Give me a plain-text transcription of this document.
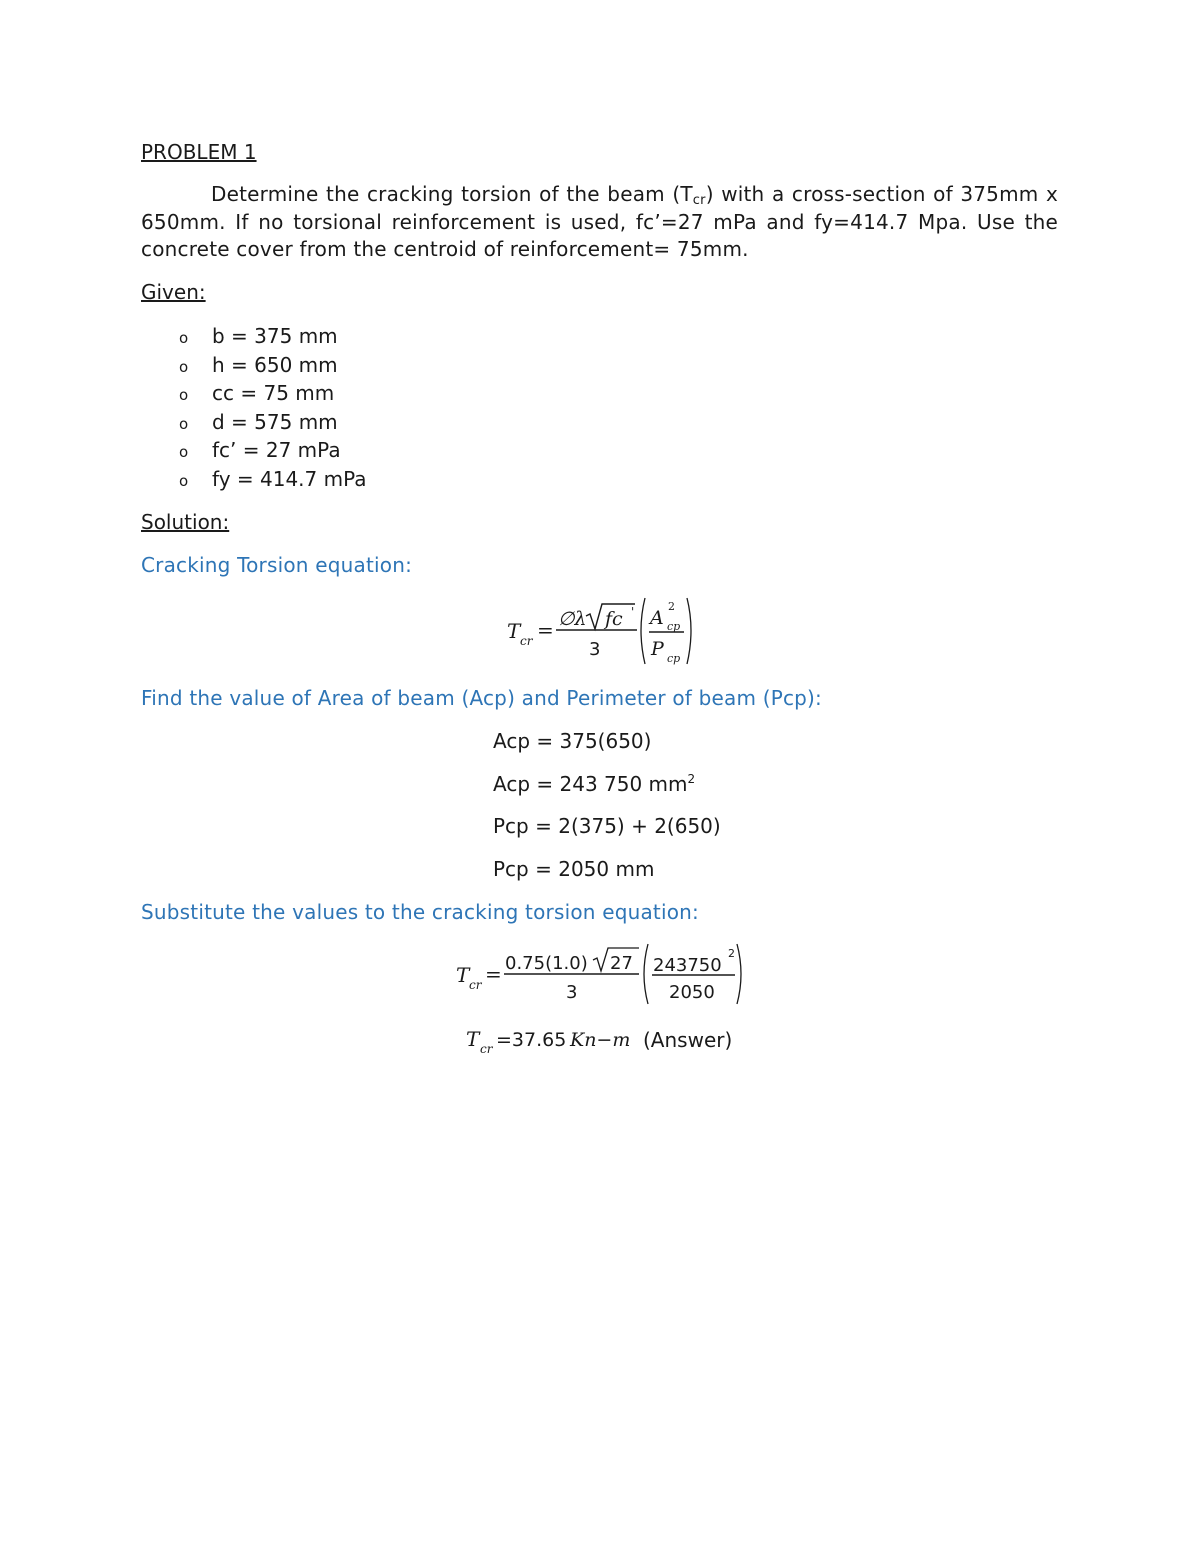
PROBLEM 1
Determine the cracking torsion of the beam $(T_{cr})$ with a cross-section of 375mm x 650mm. If no torsional reinforcement is used, fc’=27 mPa and fy=414.7 Mpa. Use the concrete cover from the centroid of reinforcement= 75mm.
Given:
o b = 375 mm
o h = 650 mm
o cc = 75 mm
o d = 575 mm
o fc’ = 27 mPa
o fy = 414.7 mPa
Solution:
Cracking Torsion equation:
T cr = ∅λ fc '
3
A
2
cp
P cp
Find the value of Area of beam (Acp) and Perimeter of beam (Pcp):
Acp = 375(650)
Acp = 243 750 $mm^2$
Pcp = 2(375) + 2(650)
Pcp = 2050 mm
Substitute the values to the cracking torsion equation:
T cr = 0.75(1.0) 27
3
243750
2
2050
T cr =37.65 Kn−m (Answer)
